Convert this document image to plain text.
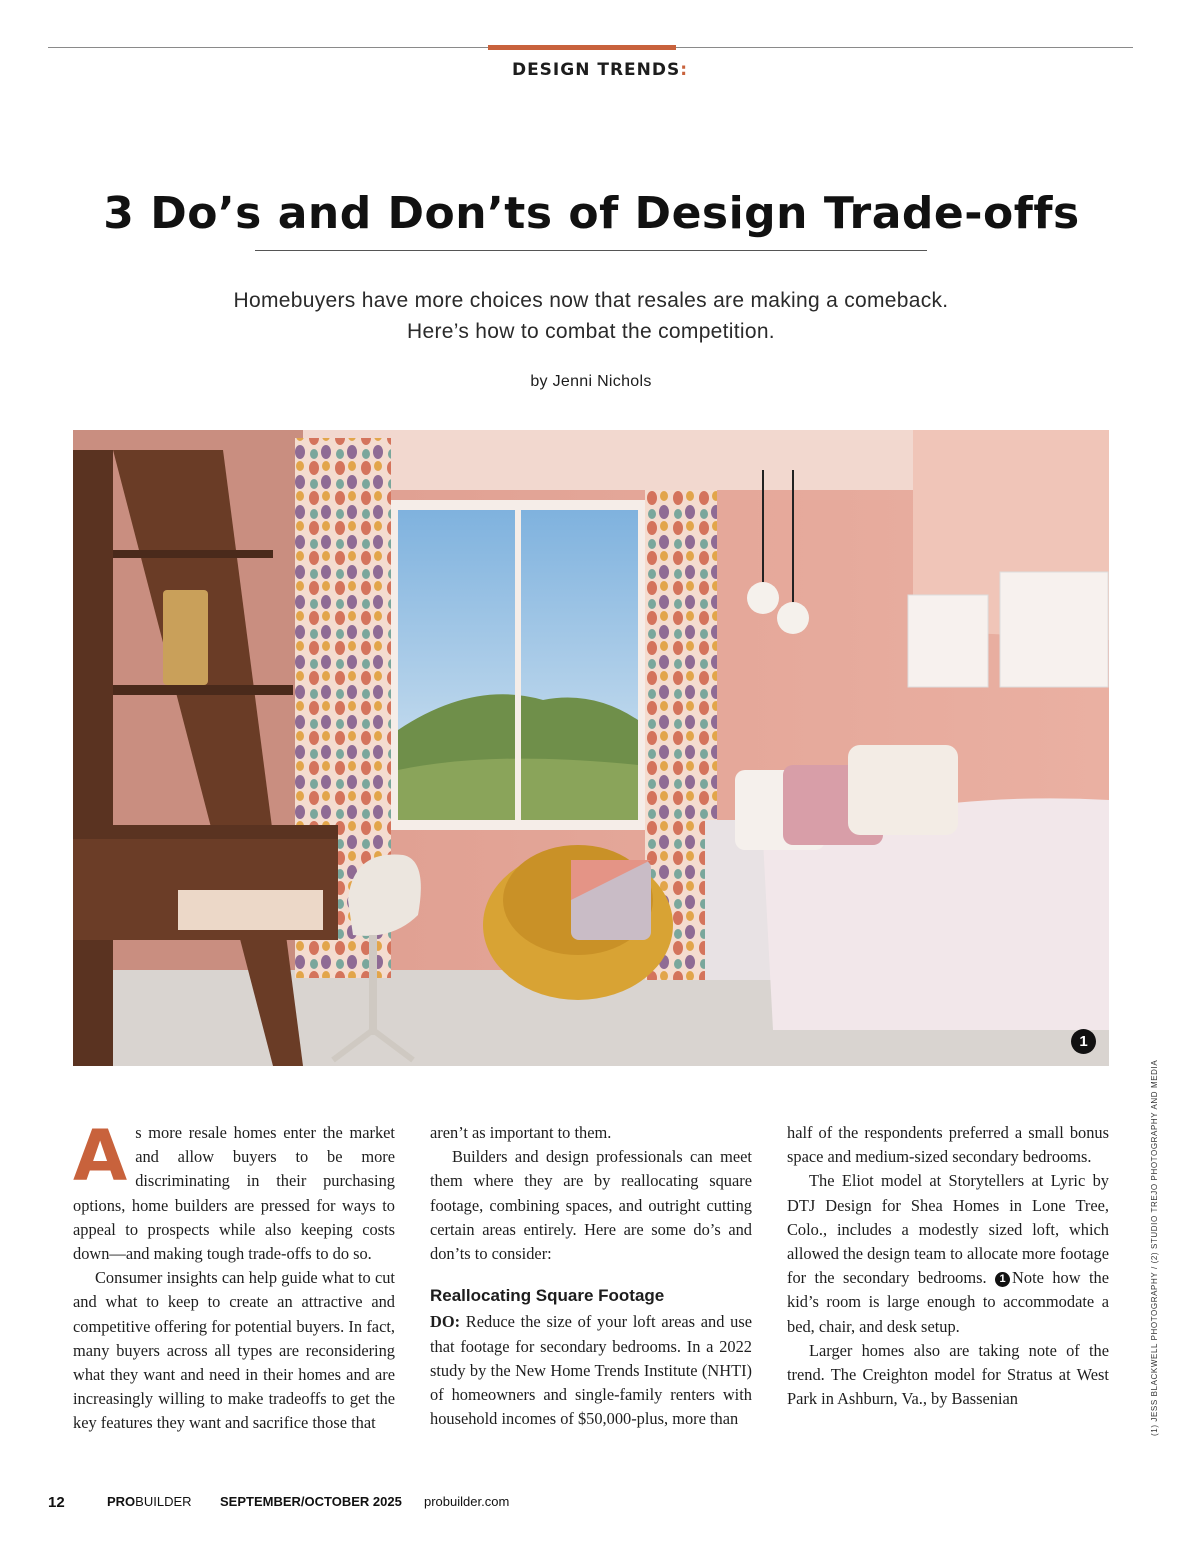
DESIGN TRENDS:
3 Do’s and Don’ts of Design Trade-offs
Homebuyers have more choices now that resales are making a comeback.
Here’s how to combat the competition.
by Jenni Nichols
1
(1) JESS BLACKWELL PHOTOGRAPHY / (2) STUDIO TREJO PHOTOGRAPHY AND MEDIA

As more resale homes enter the market and allow buyers to be more discriminating in their purchasing options, home builders are pressed for ways to appeal to prospects while also keeping costs down—and making tough trade-offs to do so.

Consumer insights can help guide what to cut and what to keep to create an attractive and competitive offering for potential buyers. In fact, many buyers across all types are reconsidering what they want and need in their homes and are increasingly willing to make tradeoffs to get the key features they want and sacrifice those that

12	PROBUILDER SEPTEMBER/OCTOBER 2025 probuilder.com

aren’t as important to them.

Builders and design professionals can meet them where they are by reallocating square footage, combining spaces, and outright cutting certain areas entirely. Here are some do’s and don’ts to consider:

Reallocating Square Footage

DO: Reduce the size of your loft areas and use that footage for secondary bedrooms. In a 2022 study by the New Home Trends Institute (NHTI) of homeowners and single-family renters with household incomes of $50,000-plus, more than

half of the respondents preferred a small bonus space and medium-sized secondary bedrooms.

The Eliot model at Storytellers at Lyric by DTJ Design for Shea Homes in Lone Tree, Colo., includes a modestly sized loft, which allowed the design team to allocate more footage for the secondary bedrooms. 1 Note how the kid’s room is large enough to accommodate a bed, chair, and desk setup.

Larger homes also are taking note of the trend. The Creighton model for Stratus at West Park in Ashburn, Va., by Bassenian
